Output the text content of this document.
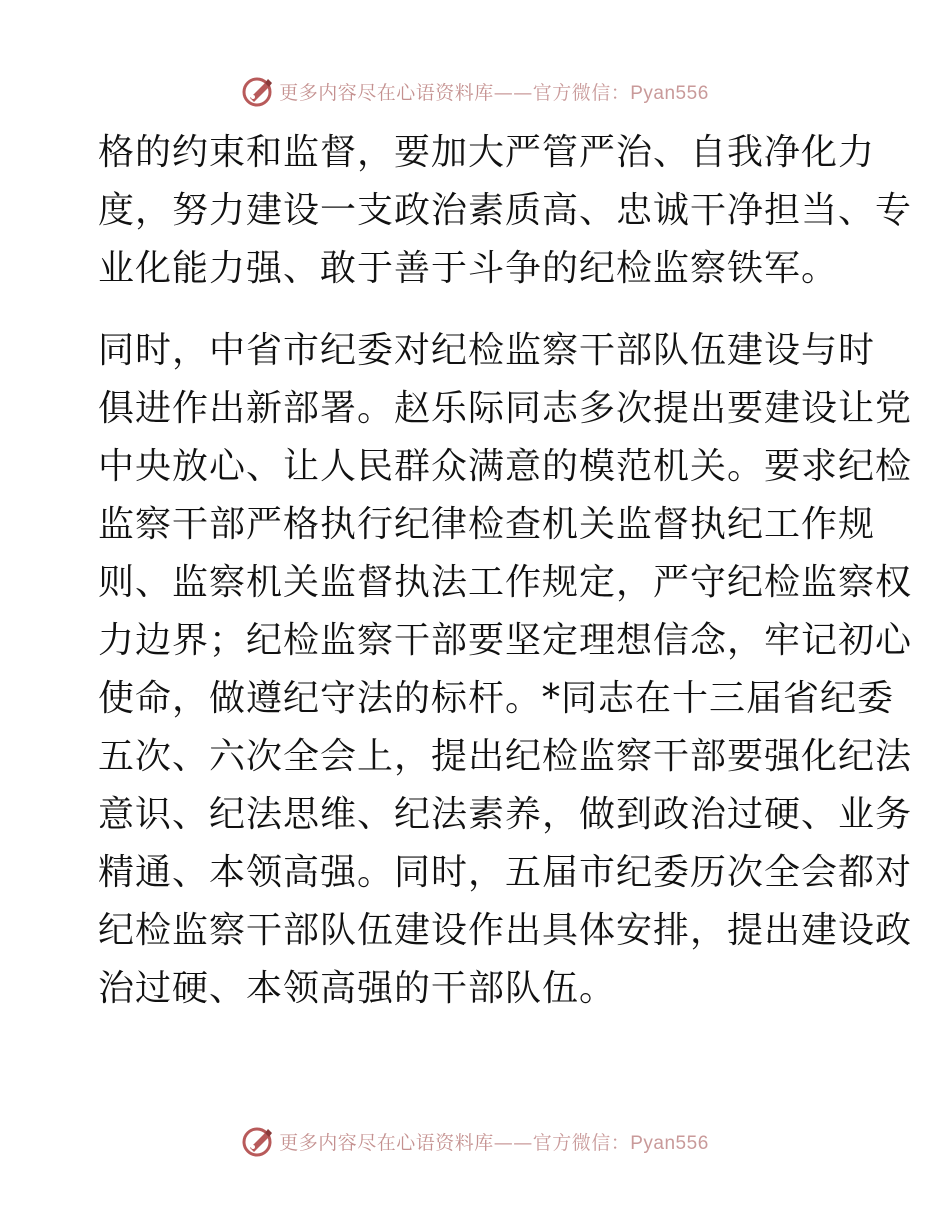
更多内容尽在心语资料库——官方微信：Pyan556
格的约束和监督，要加大严管严治、自我净化力
度，努力建设一支政治素质高、忠诚干净担当、专
业化能力强、敢于善于斗争的纪检监察铁军。
同时，中省市纪委对纪检监察干部队伍建设与时
俱进作出新部署。赵乐际同志多次提出要建设让党
中央放心、让人民群众满意的模范机关。要求纪检
监察干部严格执行纪律检查机关监督执纪工作规
则、监察机关监督执法工作规定，严守纪检监察权
力边界；纪检监察干部要坚定理想信念，牢记初心
使命，做遵纪守法的标杆。*同志在十三届省纪委
五次、六次全会上，提出纪检监察干部要强化纪法
意识、纪法思维、纪法素养，做到政治过硬、业务
精通、本领高强。同时，五届市纪委历次全会都对
纪检监察干部队伍建设作出具体安排，提出建设政
治过硬、本领高强的干部队伍。
更多内容尽在心语资料库——官方微信：Pyan556
